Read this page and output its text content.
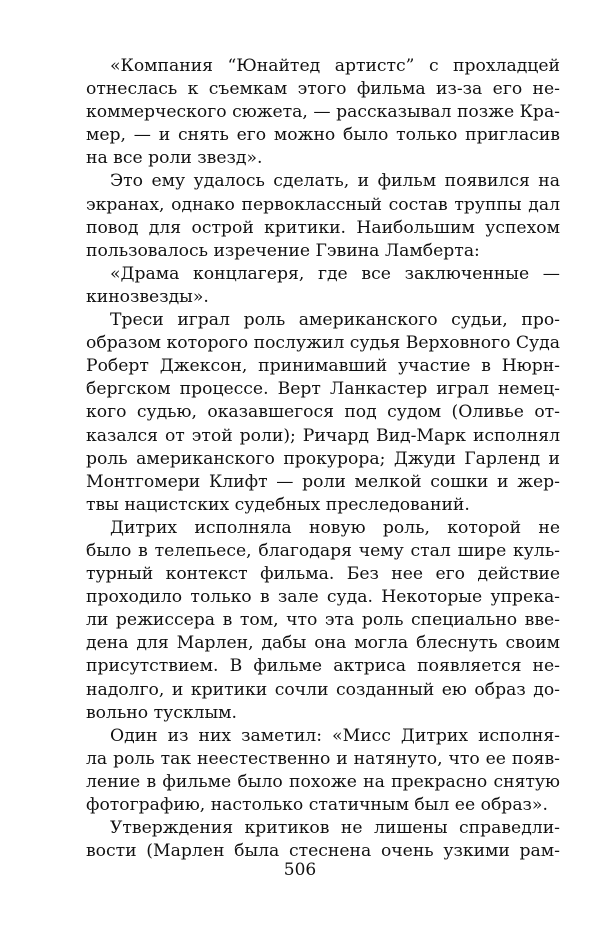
«Компания “Юнайтед артистс” с прохладцей
отнеслась к съемкам этого фильма из-за его не-
коммерческого сюжета, — рассказывал позже Кра-
мер, — и снять его можно было только пригласив
на все роли звезд».
Это ему удалось сделать, и фильм появился на
экранах, однако первоклассный состав труппы дал
повод для острой критики. Наибольшим успехом
пользовалось изречение Гэвина Ламберта:
«Драма концлагеря, где все заключенные —
кинозвезды».
Треси играл роль американского судьи, про-
образом которого послужил судья Верховного Суда
Роберт Джексон, принимавший участие в Нюрн-
бергском процессе. Верт Ланкастер играл немец-
кого судью, оказавшегося под судом (Оливье от-
казался от этой роли); Ричард Вид-Марк исполнял
роль американского прокурора; Джуди Гарленд и
Монтгомери Клифт — роли мелкой сошки и жер-
твы нацистских судебных преследований.
Дитрих исполняла новую роль, которой не
было в телепьесе, благодаря чему стал шире куль-
турный контекст фильма. Без нее его действие
проходило только в зале суда. Некоторые упрека-
ли режиссера в том, что эта роль специально вве-
дена для Марлен, дабы она могла блеснуть своим
присутствием. В фильме актриса появляется не-
надолго, и критики сочли созданный ею образ до-
вольно тусклым.
Один из них заметил: «Мисс Дитрих исполня-
ла роль так неестественно и натянуто, что ее появ-
ление в фильме было похоже на прекрасно снятую
фотографию, настолько статичным был ее образ».
Утверждения критиков не лишены справедли-
вости (Марлен была стеснена очень узкими рам-
506
